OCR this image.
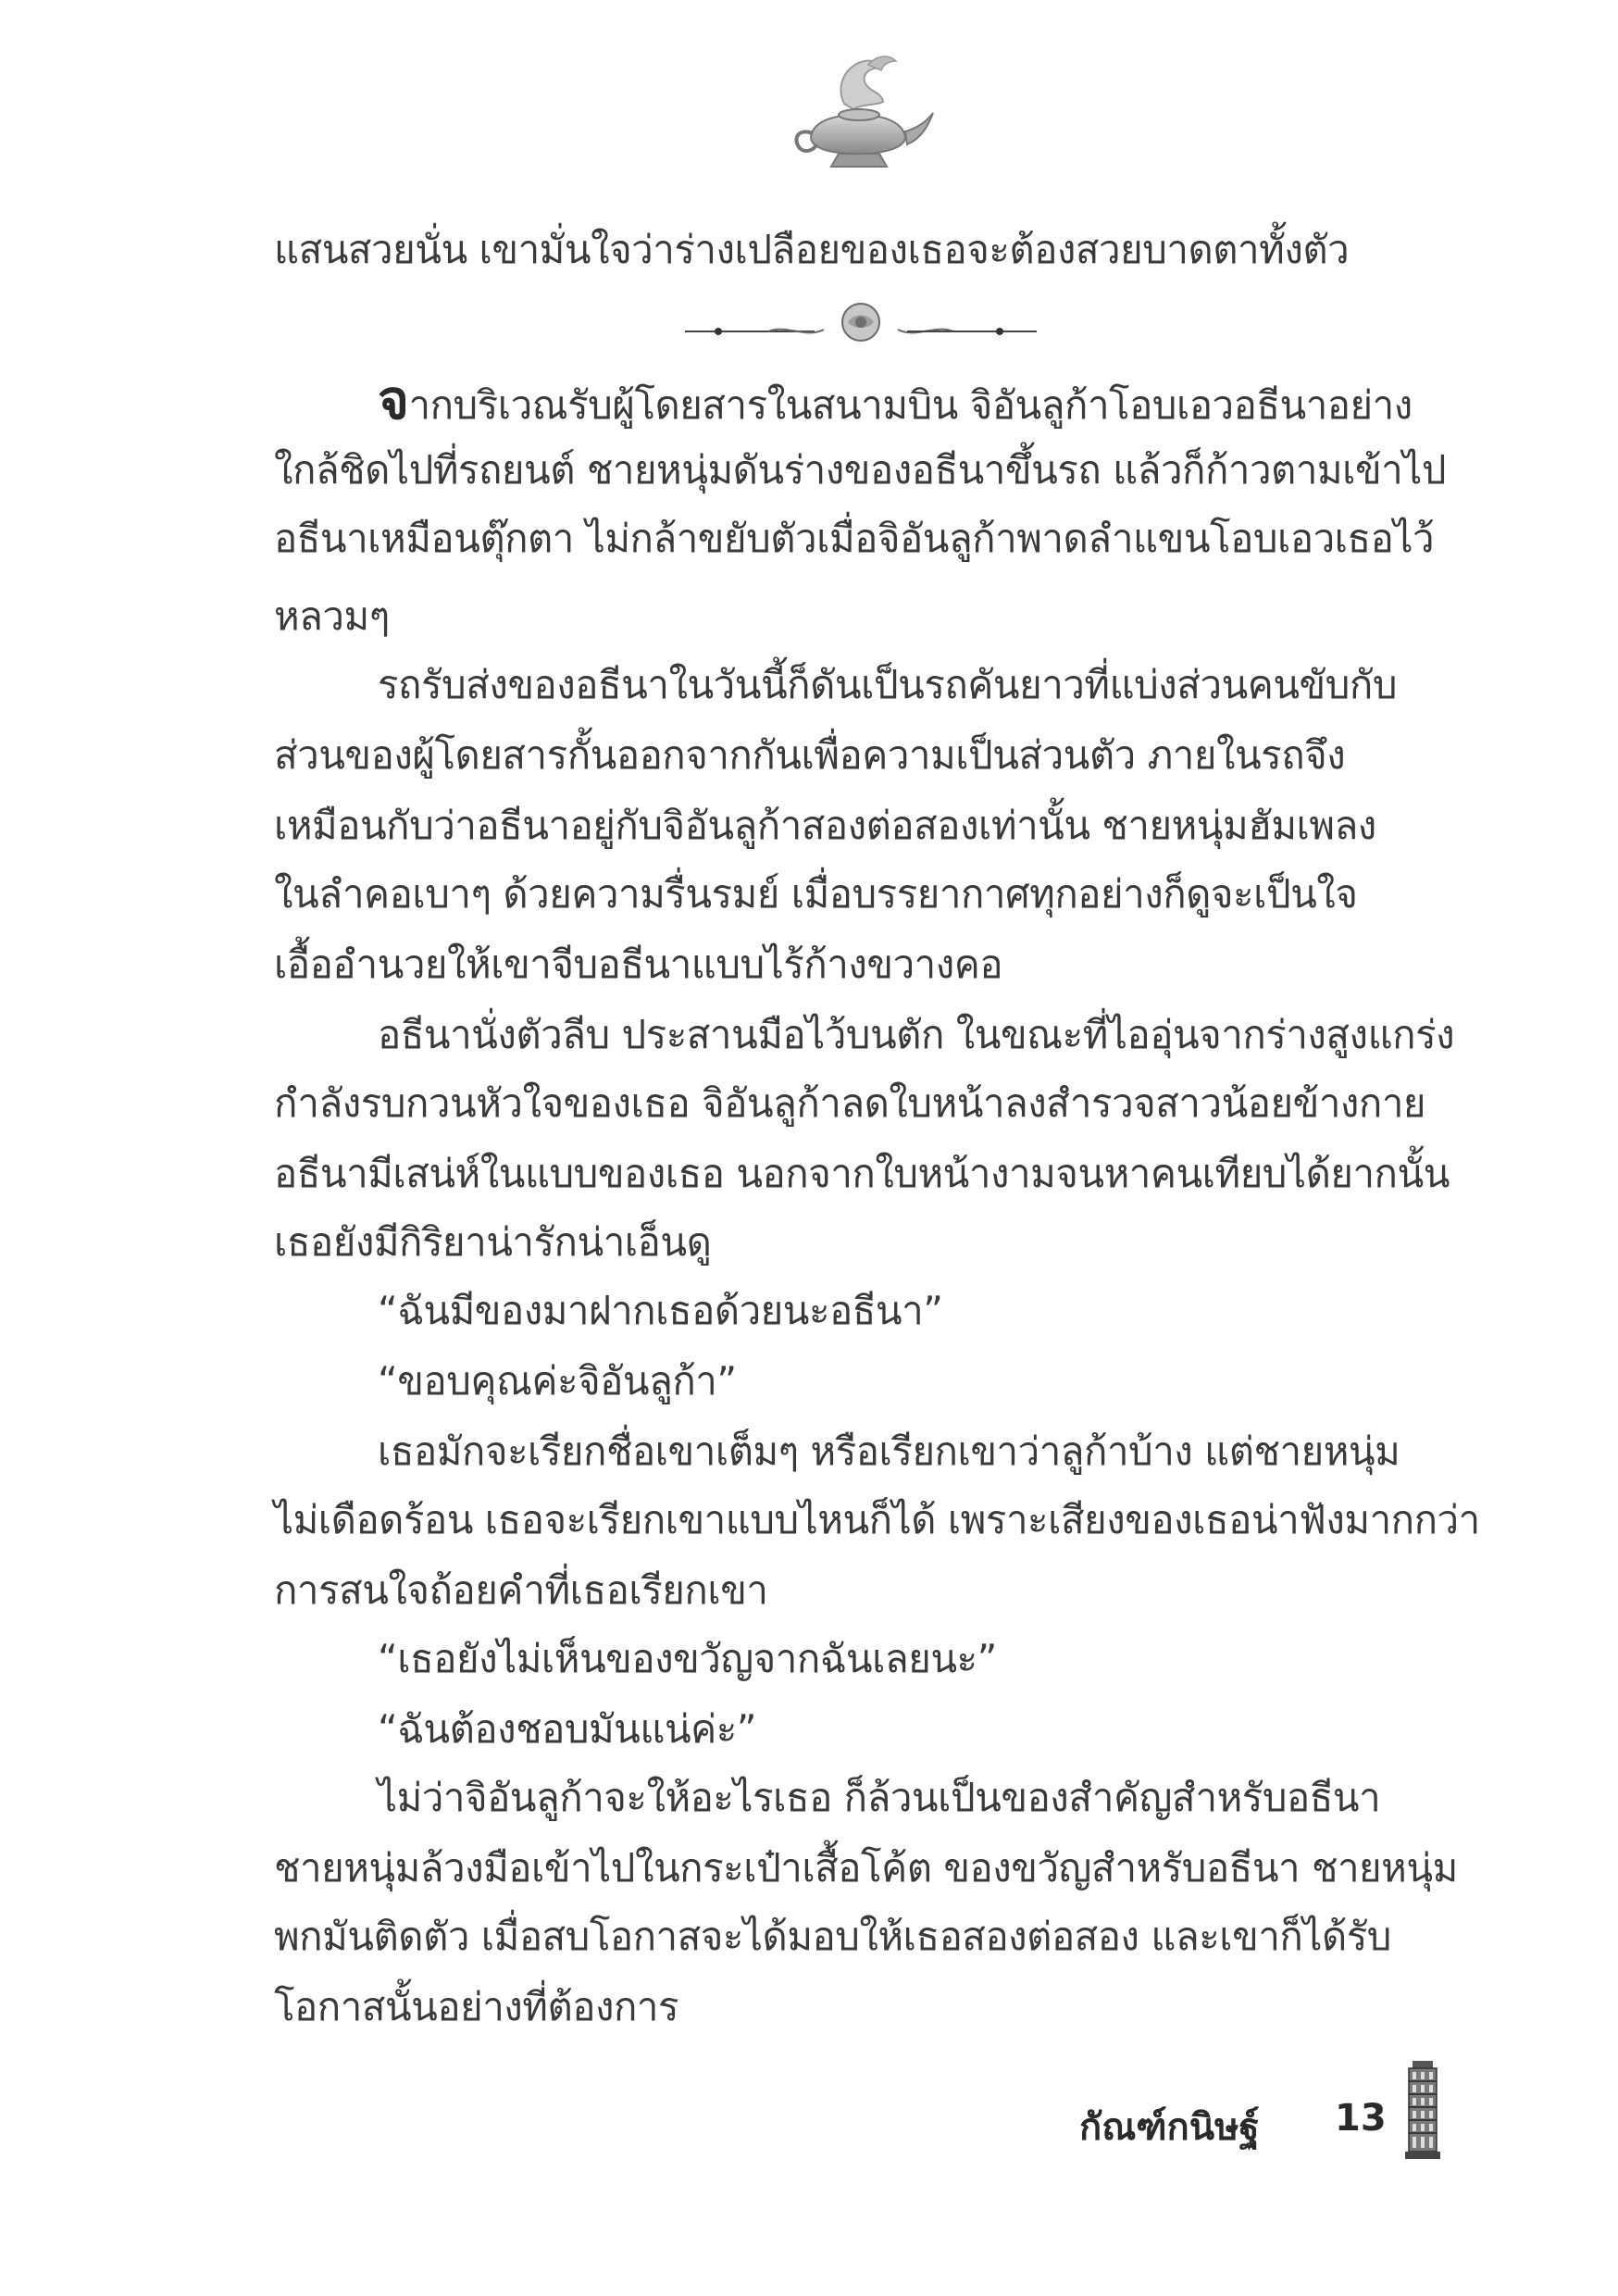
แสนสวยนั่น เขามั่นใจว่าร่างเปลือยของเธอจะต้องสวยบาดตาทั้งตัว
จากบริเวณรับผู้โดยสารในสนามบิน จิอันลูก้าโอบเอวอธีนาอย่าง
ใกล้ชิดไปที่รถยนต์ ชายหนุ่มดันร่างของอธีนาขึ้นรถ แล้วก็ก้าวตามเข้าไป
อธีนาเหมือนตุ๊กตา ไม่กล้าขยับตัวเมื่อจิอันลูก้าพาดลำแขนโอบเอวเธอไว้
หลวมๆ
รถรับส่งของอธีนาในวันนี้ก็ดันเป็นรถคันยาวที่แบ่งส่วนคนขับกับ
ส่วนของผู้โดยสารกั้นออกจากกันเพื่อความเป็นส่วนตัว ภายในรถจึง
เหมือนกับว่าอธีนาอยู่กับจิอันลูก้าสองต่อสองเท่านั้น ชายหนุ่มฮัมเพลง
ในลำคอเบาๆ ด้วยความรื่นรมย์ เมื่อบรรยากาศทุกอย่างก็ดูจะเป็นใจ
เอื้ออำนวยให้เขาจีบอธีนาแบบไร้ก้างขวางคอ
อธีนานั่งตัวลีบ ประสานมือไว้บนตัก ในขณะที่ไออุ่นจากร่างสูงแกร่ง
กำลังรบกวนหัวใจของเธอ จิอันลูก้าลดใบหน้าลงสำรวจสาวน้อยข้างกาย
อธีนามีเสน่ห์ในแบบของเธอ นอกจากใบหน้างามจนหาคนเทียบได้ยากนั้น
เธอยังมีกิริยาน่ารักน่าเอ็นดู
“ฉันมีของมาฝากเธอด้วยนะอธีนา”
“ขอบคุณค่ะจิอันลูก้า”
เธอมักจะเรียกชื่อเขาเต็มๆ หรือเรียกเขาว่าลูก้าบ้าง แต่ชายหนุ่ม
ไม่เดือดร้อน เธอจะเรียกเขาแบบไหนก็ได้ เพราะเสียงของเธอน่าฟังมากกว่า
การสนใจถ้อยคำที่เธอเรียกเขา
“เธอยังไม่เห็นของขวัญจากฉันเลยนะ”
“ฉันต้องชอบมันแน่ค่ะ”
ไม่ว่าจิอันลูก้าจะให้อะไรเธอ ก็ล้วนเป็นของสำคัญสำหรับอธีนา
ชายหนุ่มล้วงมือเข้าไปในกระเป๋าเสื้อโค้ต ของขวัญสำหรับอธีนา ชายหนุ่ม
พกมันติดตัว เมื่อสบโอกาสจะได้มอบให้เธอสองต่อสอง และเขาก็ได้รับ
โอกาสนั้นอย่างที่ต้องการ
กัณฑ์กนิษฐ์ 13
